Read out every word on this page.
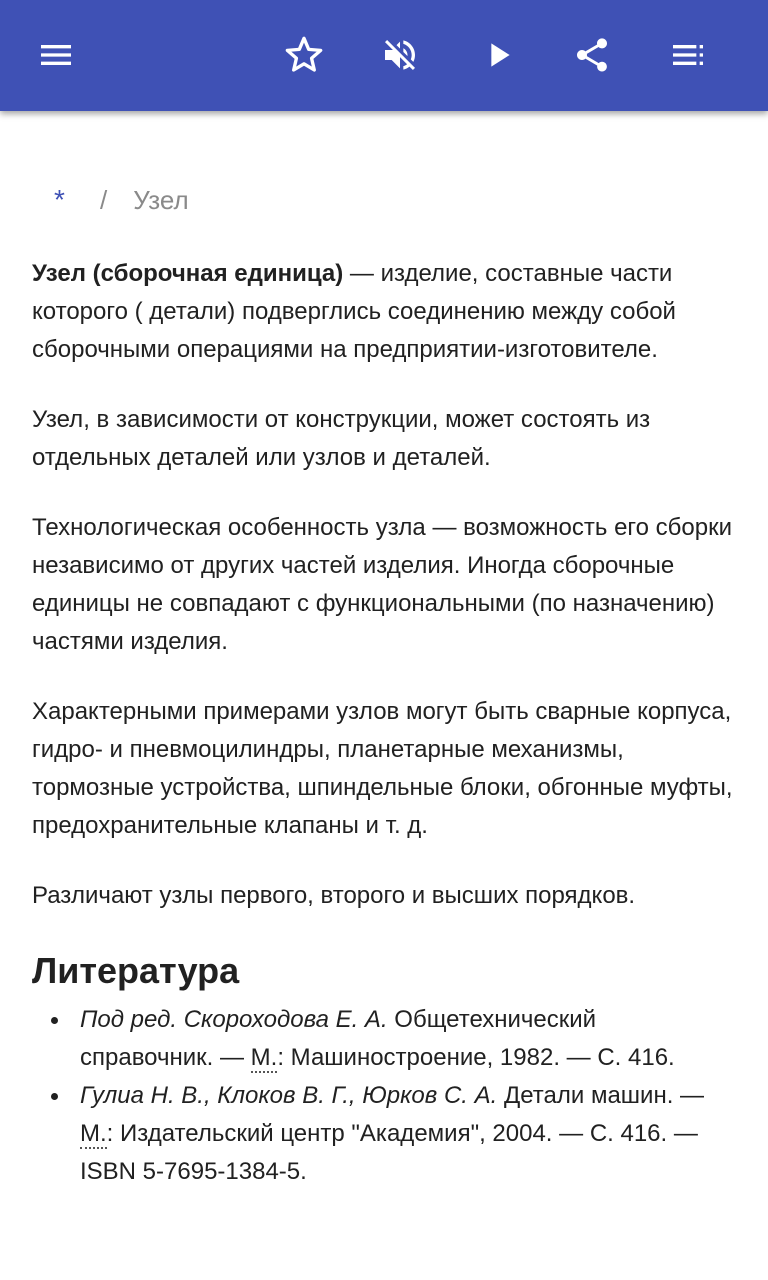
*	/ Узел

Узел (сборочная единица) — изделие, составные части которого ( детали) подверглись соединению между собой сборочными операциями на предприятии-изготовителе.

Узел, в зависимости от конструкции, может состоять из отдельных деталей или узлов и деталей.

Технологическая особенность узла — возможность его сборки независимо от других частей изделия. Иногда сборочные единицы не совпадают с функциональными (по назначению) частями изделия.

Характерными примерами узлов могут быть сварные корпуса, гидро- и пневмоцилиндры, планетарные механизмы, тормозные устройства, шпиндельные блоки, обгонные муфты, предохранительные клапаны и т. д.

Различают узлы первого, второго и высших порядков.

Литература
Под ред. Скороходова Е. А. Общетехнический справочник. — М.: Машиностроение, 1982. — С. 416.
Гулиа Н. В., Клоков В. Г., Юрков С. А. Детали машин. — М.: Издательский центр "Академия", 2004. — С. 416. — ISBN 5-7695-1384-5.
